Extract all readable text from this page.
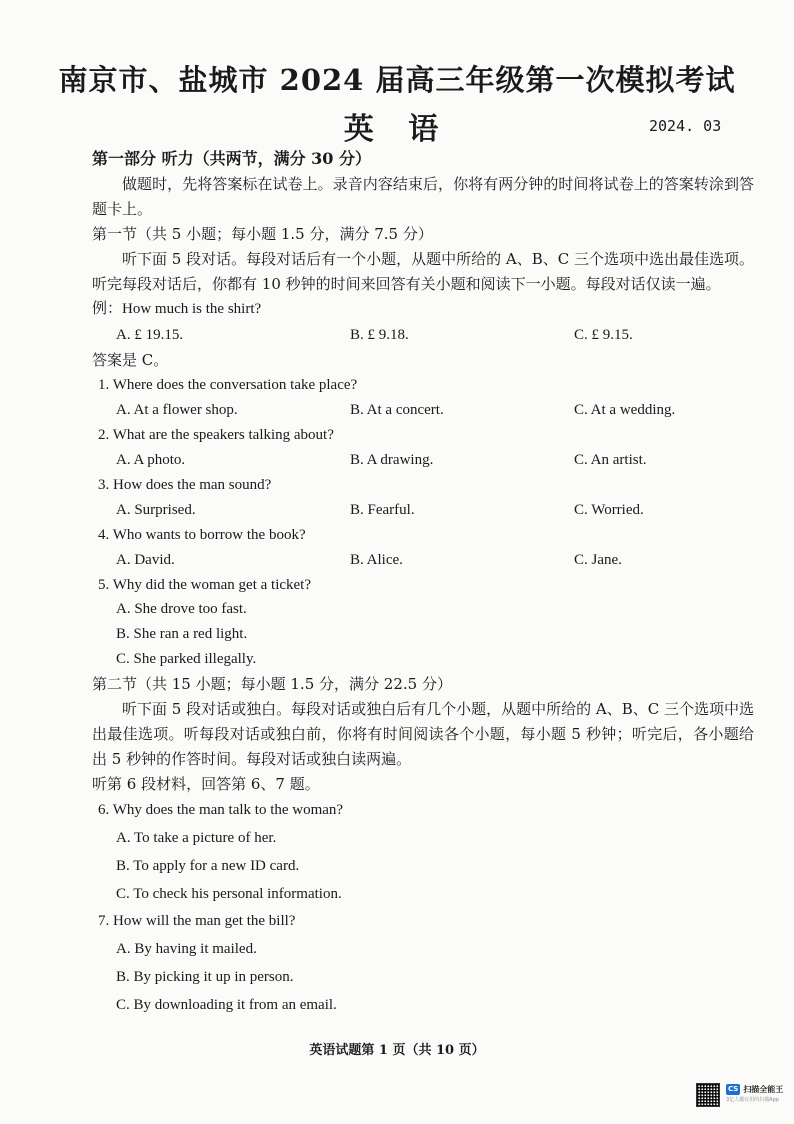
南京市、盐城市 2024 届高三年级第一次模拟考试
英 语	2024. 03

第一部分 听力（共两节，满分 30 分）

做题时，先将答案标在试卷上。录音内容结束后，你将有两分钟的时间将试卷上的答案转涂到答题卡上。

第一节（共 5 小题；每小题 1.5 分，满分 7.5 分）

听下面 5 段对话。每段对话后有一个小题，从题中所给的 A、B、C 三个选项中选出最佳选项。听完每段对话后，你都有 10 秒钟的时间来回答有关小题和阅读下一小题。每段对话仅读一遍。

例：How much is the shirt?

A. £ 19.15.	B. £ 9.18.	C. £ 9.15.

答案是 C。

1. Where does the conversation take place?

A. At a flower shop.	B. At a concert.	C. At a wedding.

2. What are the speakers talking about?

A. A photo.	B. A drawing.	C. An artist.

3. How does the man sound?

A. Surprised.	B. Fearful.	C. Worried.

4. Who wants to borrow the book?

A. David.	B. Alice.	C. Jane.

5. Why did the woman get a ticket?

A. She drove too fast.

B. She ran a red light.

C. She parked illegally.

第二节（共 15 小题；每小题 1.5 分，满分 22.5 分）

听下面 5 段对话或独白。每段对话或独白后有几个小题，从题中所给的 A、B、C 三个选项中选出最佳选项。听每段对话或独白前，你将有时间阅读各个小题，每小题 5 秒钟；听完后，各小题给出 5 秒钟的作答时间。每段对话或独白读两遍。

听第 6 段材料，回答第 6、7 题。

6. Why does the man talk to the woman?

A. To take a picture of her.

B. To apply for a new ID card.

C. To check his personal information.

7. How will the man get the bill?

A. By having it mailed.

B. By picking it up in person.

C. By downloading it from an email.

英语试题第 1 页（共 10 页）
CS 扫描全能王
3亿人都在用的扫描App
